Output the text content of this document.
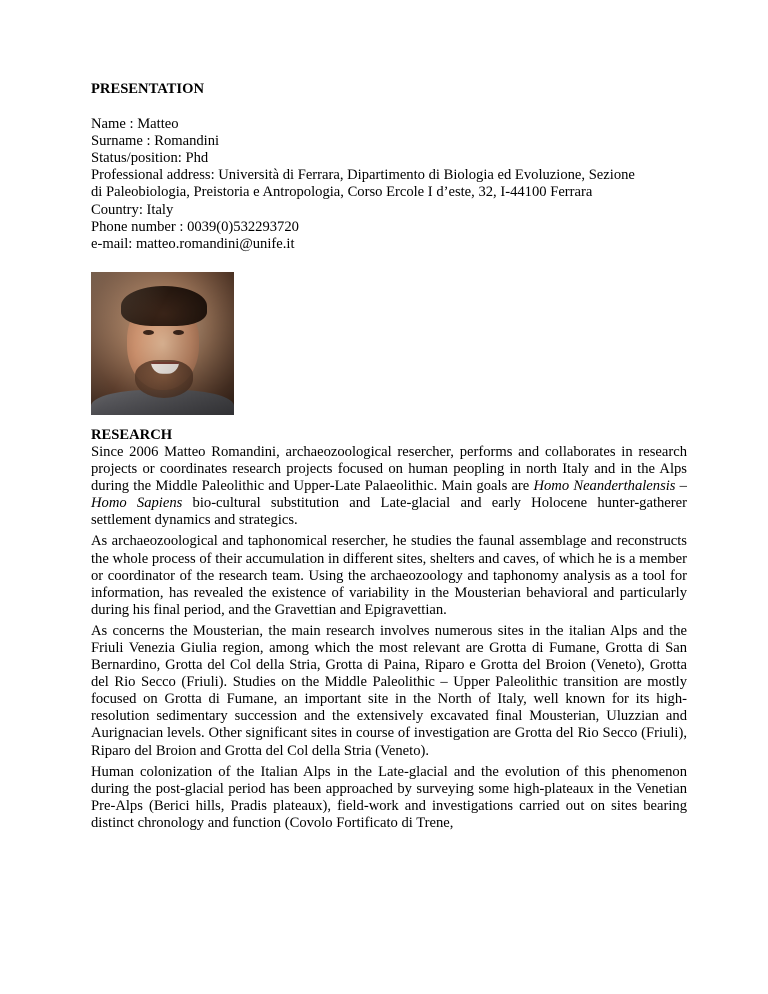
PRESENTATION
Name : Matteo
Surname : Romandini
Status/position: Phd
Professional address: Università di Ferrara, Dipartimento di Biologia ed Evoluzione, Sezione
di Paleobiologia, Preistoria e Antropologia, Corso Ercole I d’este, 32, I-44100 Ferrara
Country: Italy
Phone number : 0039(0)532293720
e-mail: matteo.romandini@unife.it
RESEARCH

Since 2006 Matteo Romandini, archaeozoological resercher, performs and collaborates in research projects or coordinates research projects focused on human peopling in north Italy and in the Alps during the Middle Paleolithic and Upper-Late Palaeolithic. Main goals are Homo Neanderthalensis – Homo Sapiens bio-cultural substitution and Late-glacial and early Holocene hunter-gatherer settlement dynamics and strategics.

As archaeozoological and taphonomical resercher, he studies the faunal assemblage and reconstructs the whole process of their accumulation in different sites, shelters and caves, of which he is a member or coordinator of the research team. Using the archaeozoology and taphonomy analysis as a tool for information, has revealed the existence of variability in the Mousterian behavioral and particularly during his final period, and the Gravettian and Epigravettian.

As concerns the Mousterian, the main research involves numerous sites in the italian Alps and the Friuli Venezia Giulia region, among which the most relevant are Grotta di Fumane, Grotta di San Bernardino, Grotta del Col della Stria, Grotta di Paina, Riparo e Grotta del Broion (Veneto), Grotta del Rio Secco (Friuli). Studies on the Middle Paleolithic – Upper Paleolithic transition are mostly focused on Grotta di Fumane, an important site in the North of Italy, well known for its high-resolution sedimentary succession and the extensively excavated final Mousterian, Uluzzian and Aurignacian levels. Other significant sites in course of investigation are Grotta del Rio Secco (Friuli), Riparo del Broion and Grotta del Col della Stria (Veneto).

Human colonization of the Italian Alps in the Late-glacial and the evolution of this phenomenon during the post-glacial period has been approached by surveying some high-plateaux in the Venetian Pre-Alps (Berici hills, Pradis plateaux), field-work and investigations carried out on sites bearing distinct chronology and function (Covolo Fortificato di Trene,
